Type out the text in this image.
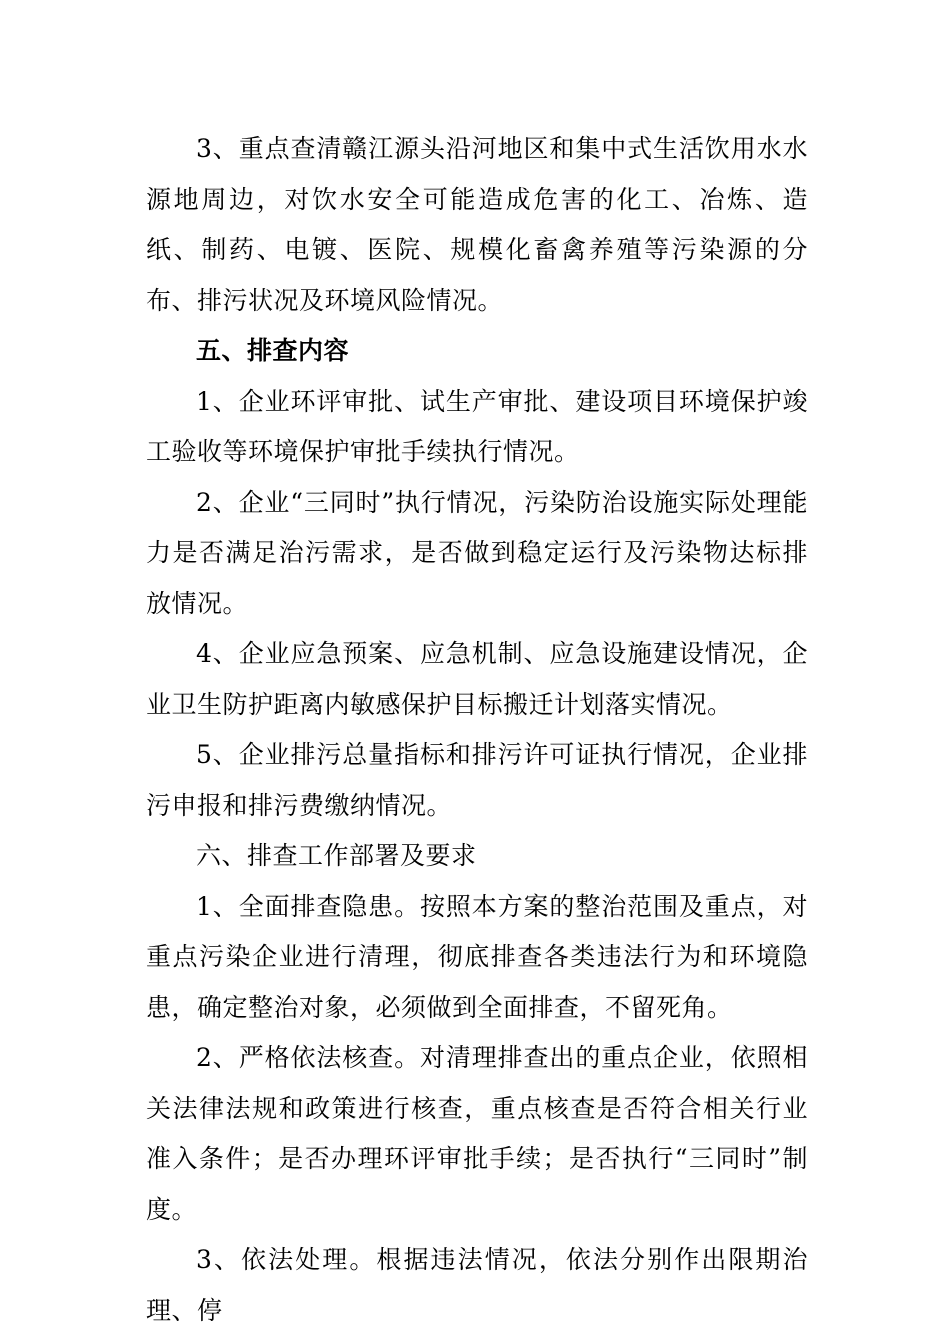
3、重点查清赣江源头沿河地区和集中式生活饮用水水源地周边，对饮水安全可能造成危害的化工、冶炼、造纸、制药、电镀、医院、规模化畜禽养殖等污染源的分布、排污状况及环境风险情况。

五、排查内容

1、企业环评审批、试生产审批、建设项目环境保护竣工验收等环境保护审批手续执行情况。

2、企业“三同时”执行情况，污染防治设施实际处理能力是否满足治污需求，是否做到稳定运行及污染物达标排放情况。

4、企业应急预案、应急机制、应急设施建设情况，企业卫生防护距离内敏感保护目标搬迁计划落实情况。

5、企业排污总量指标和排污许可证执行情况，企业排污申报和排污费缴纳情况。

六、排查工作部署及要求

1、全面排查隐患。按照本方案的整治范围及重点，对重点污染企业进行清理，彻底排查各类违法行为和环境隐患，确定整治对象，必须做到全面排查，不留死角。

2、严格依法核查。对清理排查出的重点企业，依照相关法律法规和政策进行核查，重点核查是否符合相关行业准入条件；是否办理环评审批手续；是否执行“三同时”制度。

3、依法处理。根据违法情况，依法分别作出限期治理、停
